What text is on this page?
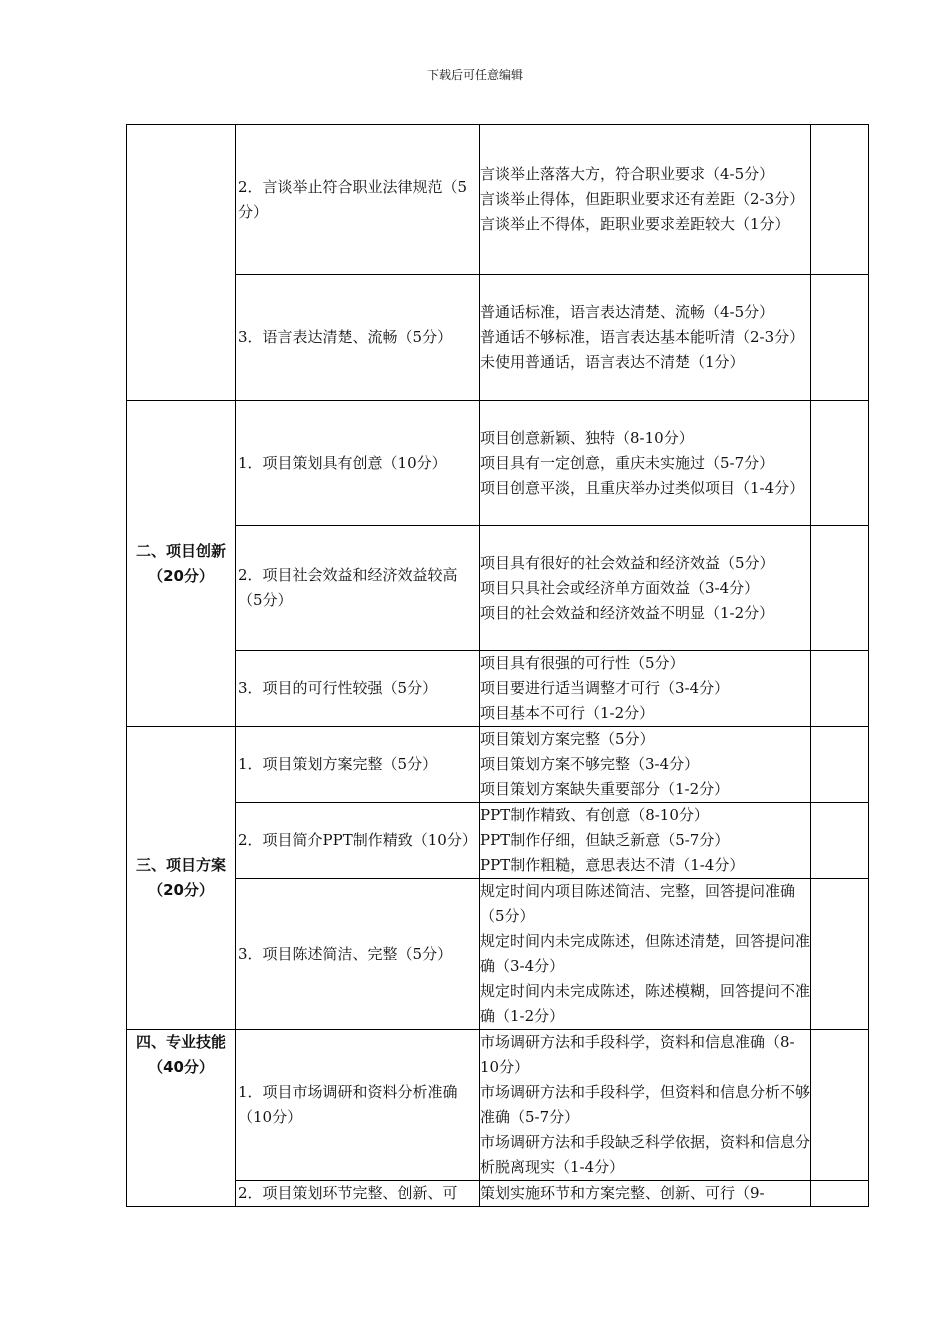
下载后可任意编辑
	2．言谈举止符合职业法律规范（5分）	言谈举止落落大方，符合职业要求（4-5分）
言谈举止得体，但距职业要求还有差距（2-3分）
言谈举止不得体，距职业要求差距较大（1分）	

	3．语言表达清楚、流畅（5分）	普通话标准，语言表达清楚、流畅（4-5分）
普通话不够标准，语言表达基本能听清（2-3分）
未使用普通话，语言表达不清楚（1分）	

二、项目创新
（20分）	1．项目策划具有创意（10分）	项目创意新颖、独特（8-10分）
项目具有一定创意，重庆未实施过（5-7分）
项目创意平淡，且重庆举办过类似项目（1-4分）	

	2．项目社会效益和经济效益较高（5分）	项目具有很好的社会效益和经济效益（5分）
项目只具社会或经济单方面效益（3-4分）
项目的社会效益和经济效益不明显（1-2分）	

	3．项目的可行性较强（5分）	项目具有很强的可行性（5分）
项目要进行适当调整才可行（3-4分）
项目基本不可行（1-2分）	

三、项目方案
（20分）	1．项目策划方案完整（5分）	项目策划方案完整（5分）
项目策划方案不够完整（3-4分）
项目策划方案缺失重要部分（1-2分）	

	2．项目简介PPT制作精致（10分）	PPT制作精致、有创意（8-10分）
PPT制作仔细，但缺乏新意（5-7分）
PPT制作粗糙，意思表达不清（1-4分）	

	3．项目陈述简洁、完整（5分）	规定时间内项目陈述简洁、完整，回答提问准确（5分）
规定时间内未完成陈述，但陈述清楚，回答提问准确（3-4分）
规定时间内未完成陈述，陈述模糊，回答提问不准确（1-2分）	

四、专业技能
（40分）	1．项目市场调研和资料分析准确（10分）	市场调研方法和手段科学，资料和信息准确（8-10分）
市场调研方法和手段科学，但资料和信息分析不够准确（5-7分）
市场调研方法和手段缺乏科学依据，资料和信息分析脱离现实（1-4分）	

	2．项目策划环节完整、创新、可	策划实施环节和方案完整、创新、可行（9-	
